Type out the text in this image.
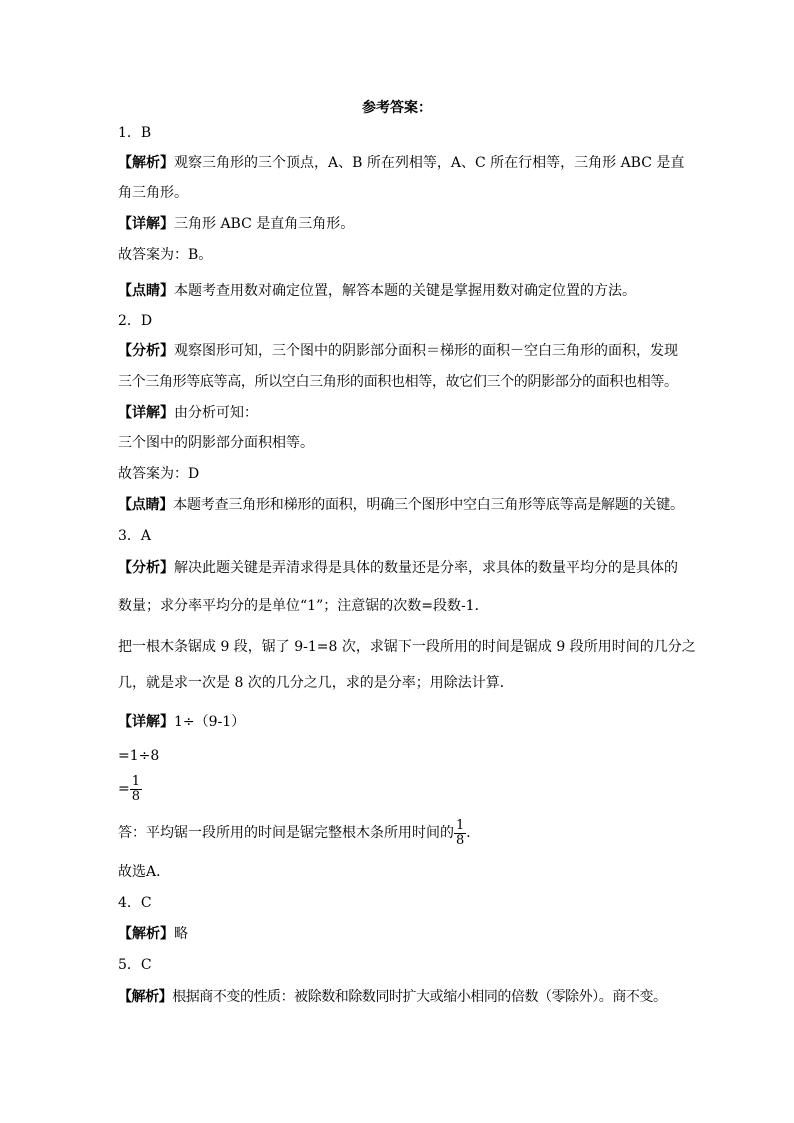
参考答案：
1．B
【解析】观察三角形的三个顶点，A、B 所在列相等，A、C 所在行相等，三角形 ABC 是直
角三角形。
【详解】三角形 ABC 是直角三角形。
故答案为：B。
【点睛】本题考查用数对确定位置，解答本题的关键是掌握用数对确定位置的方法。
2．D
【分析】观察图形可知，三个图中的阴影部分面积＝梯形的面积－空白三角形的面积，发现
三个三角形等底等高，所以空白三角形的面积也相等，故它们三个的阴影部分的面积也相等。
【详解】由分析可知：
三个图中的阴影部分面积相等。
故答案为：D
【点睛】本题考查三角形和梯形的面积，明确三个图形中空白三角形等底等高是解题的关键。
3．A
【分析】解决此题关键是弄清求得是具体的数量还是分率，求具体的数量平均分的是具体的
数量；求分率平均分的是单位“1”；注意锯的次数=段数-1．
把一根木条锯成 9 段，锯了 9-1=8 次，求锯下一段所用的时间是锯成 9 段所用时间的几分之
几，就是求一次是 8 次的几分之几，求的是分率；用除法计算．
【详解】1÷（9-1）
=1÷8
= $\frac{1}{8}$
答：平均锯一段所用的时间是锯完整根木条所用时间的 $\frac{1}{8}$ ．
故选A．
4．C
【解析】略
5．C
【解析】根据商不变的性质：被除数和除数同时扩大或缩小相同的倍数（零除外）。商不变。
